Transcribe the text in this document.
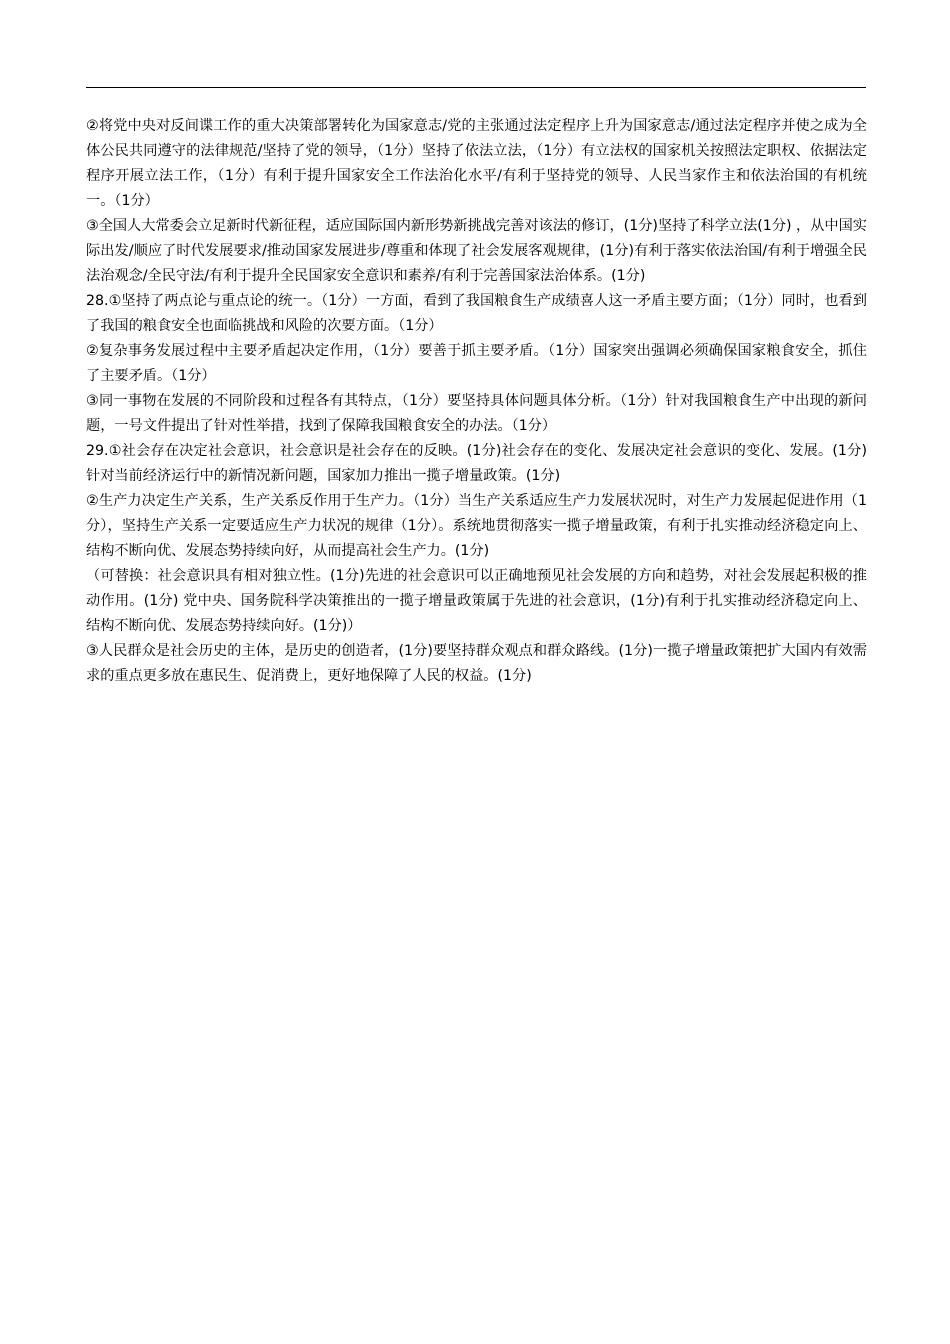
②将党中央对反间谍工作的重大决策部署转化为国家意志/党的主张通过法定程序上升为国家意志/通过法定程序并使之成为全体公民共同遵守的法律规范/坚持了党的领导，（1分）坚持了依法立法，（1分）有立法权的国家机关按照法定职权、依据法定程序开展立法工作，（1分）有利于提升国家安全工作法治化水平/有利于坚持党的领导、人民当家作主和依法治国的有机统一。（1分）

③全国人大常委会立足新时代新征程，适应国际国内新形势新挑战完善对该法的修订，(1分)坚持了科学立法(1分) ，从中国实际出发/顺应了时代发展要求/推动国家发展进步/尊重和体现了社会发展客观规律，(1分)有利于落实依法治国/有利于增强全民法治观念/全民守法/有利于提升全民国家安全意识和素养/有利于完善国家法治体系。(1分)

28.①坚持了两点论与重点论的统一。（1分）一方面，看到了我国粮食生产成绩喜人这一矛盾主要方面；（1分）同时，也看到了我国的粮食安全也面临挑战和风险的次要方面。（1分）

②复杂事务发展过程中主要矛盾起决定作用，（1分）要善于抓主要矛盾。（1分）国家突出强调必须确保国家粮食安全，抓住了主要矛盾。（1分）

③同一事物在发展的不同阶段和过程各有其特点，（1分）要坚持具体问题具体分析。（1分）针对我国粮食生产中出现的新问题，一号文件提出了针对性举措，找到了保障我国粮食安全的办法。（1分）

29.①社会存在决定社会意识，社会意识是社会存在的反映。(1分)社会存在的变化、发展决定社会意识的变化、发展。(1分)针对当前经济运行中的新情况新问题，国家加力推出一揽子增量政策。(1分)

②生产力决定生产关系，生产关系反作用于生产力。（1分）当生产关系适应生产力发展状况时，对生产力发展起促进作用（1分），坚持生产关系一定要适应生产力状况的规律（1分）。系统地贯彻落实一揽子增量政策，有利于扎实推动经济稳定向上、结构不断向优、发展态势持续向好，从而提高社会生产力。(1分)

（可替换：社会意识具有相对独立性。(1分)先进的社会意识可以正确地预见社会发展的方向和趋势，对社会发展起积极的推动作用。(1分) 党中央、国务院科学决策推出的一揽子增量政策属于先进的社会意识，(1分)有利于扎实推动经济稳定向上、结构不断向优、发展态势持续向好。(1分)）

③人民群众是社会历史的主体，是历史的创造者，(1分)要坚持群众观点和群众路线。(1分)一揽子增量政策把扩大国内有效需求的重点更多放在惠民生、促消费上，更好地保障了人民的权益。(1分)
